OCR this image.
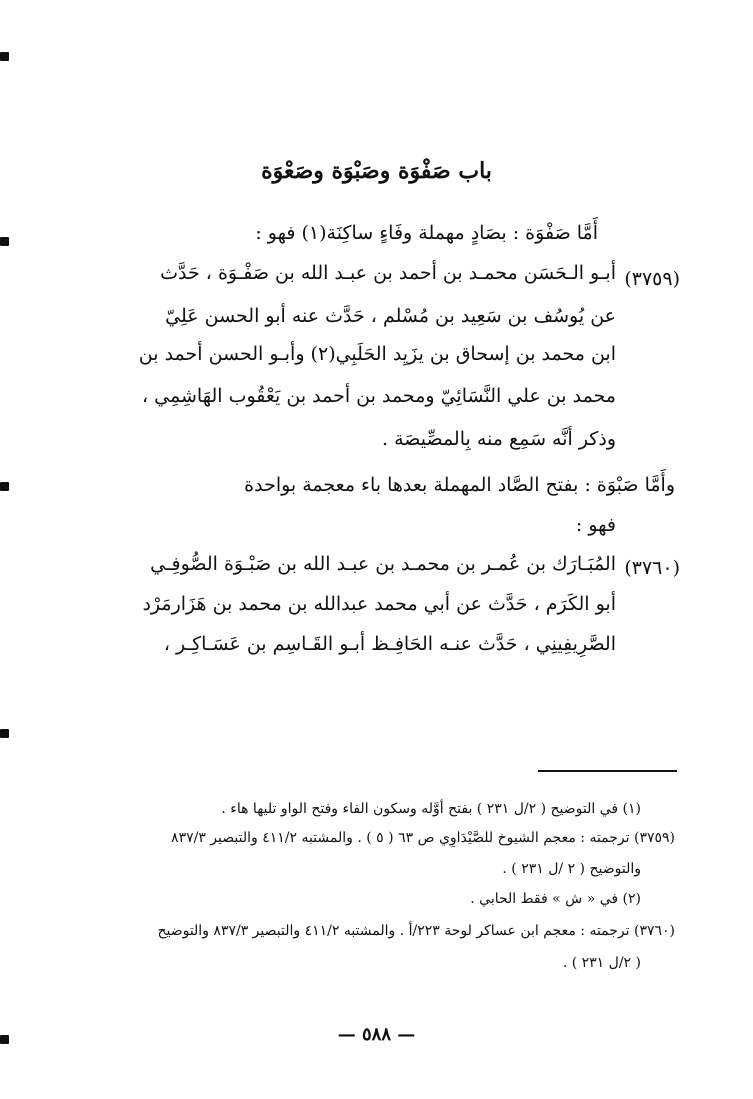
باب صَفْوَة وصَبْوَة وصَعْوَة
أَمَّا صَفْوَة : بصَادٍ مهملة وفَاءٍ ساكِنَة(١) فهو :
(٣٧٥٩)
أبـو الـحَسَن محمـد بن أحمد بن عبـد الله بن صَفْـوَة ، حَدَّث
عن يُوسُف بن سَعِيد بن مُسْلم ، حَدَّث عنه أبو الحسن عَلِيّ
ابن محمد بن إسحاق بن يزَيِد الحَلَبِي(٢) وأبـو الحسن أحمد بن
محمد بن علي النَّسَائِيّ ومحمد بن أحمد بن يَعْقُوب الهَاشِمِي ،
وذكر أنَّه سَمِع منه بِالمصِّيصَة .
وأَمَّا صَبْوَة : بفتح الصَّاد المهملة بعدها باء معجمة بواحدة
فهو :
(٣٧٦٠)
المُبَـارَك بن عُمـر بن محمـد بن عبـد الله بن صَبْـوَة الصُّوفِـي
أبو الكَرَم ، حَدَّث عن أبي محمد عبدالله بن محمد بن هَزَارمَرْد
الصَّرِيفِينِي ، حَدَّث عنـه الحَافِـظ أبـو القَـاسِم بن عَسَـاكِـر ،
(١) في التوضيح ( ٢/ل ٢٣١ ) بفتح أوَّله وسكون الفاء وفتح الواو تليها هاء .
(٣٧٥٩) ترجمته : معجم الشيوخ للصَّيْدَاوِي ص ٦٣ ( ٥ ) . والمشتبه ٤١١/٢ والتبصير ٨٣٧/٣
والتوضيح ( ٢ /ل ٢٣١ ) .
(٢) في « ش » فقط الحابي .
(٣٧٦٠) ترجمته : معجم ابن عساكر لوحة ٢٢٣/أ . والمشتبه ٤١١/٢ والتبصير ٨٣٧/٣ والتوضيح
( ٢/ل ٢٣١ ) .
— ٥٨٨ —
